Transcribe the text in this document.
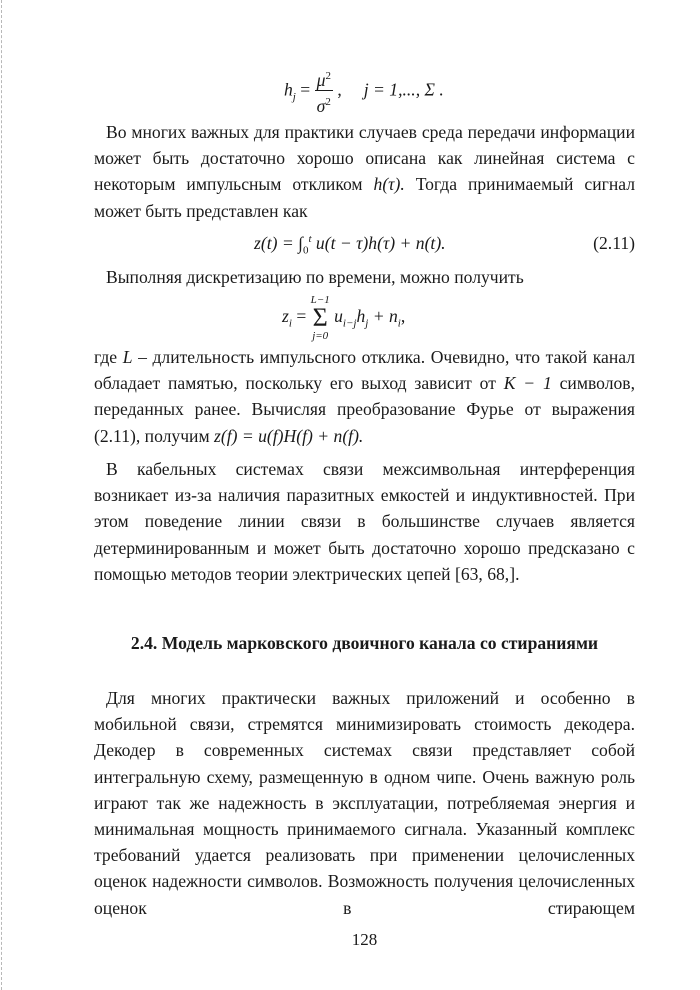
$h_j = \frac{\mu^2}{\sigma^2}$ ,     j = 1,..., Σ .

Во многих важных для практики случаев среда передачи информации может быть достаточно хорошо описана как линейная система с некоторым импульсным откликом h(τ). Тогда принимаемый сигнал может быть представлен как

$z(t) = \int_0^t$ u(t − τ)h(τ) + n(t).	(2.11)

Выполняя дискретизацию по времени, можно получить

$z_i$ =
L−1
Σ
j=0
$u_{i-j}h_j + n_i$,

где L – длительность импульсного отклика. Очевидно, что такой канал обладает памятью, поскольку его выход зависит от K − 1 символов, переданных ранее. Вычисляя преобразование Фурье от выражения (2.11), получим z(f) = u(f)H(f) + n(f).

В кабельных системах связи межсимвольная интерференция возникает из-за наличия паразитных емкостей и индуктивностей. При этом поведение линии связи в большинстве случаев является детерминированным и может быть достаточно хорошо предсказано с помощью методов теории электрических цепей [63, 68,].

2.4. Модель марковского двоичного канала со стираниями

Для многих практически важных приложений и особенно в мобильной связи, стремятся минимизировать стоимость декодера. Декодер в современных системах связи представляет собой интегральную схему, размещенную в одном чипе. Очень важную роль играют так же надежность в эксплуатации, потребляемая энергия и минимальная мощность принимаемого сигнала. Указанный комплекс требований удается реализовать при применении целочисленных оценок надежности символов. Возможность получения целочисленных оценок в стирающем

128
